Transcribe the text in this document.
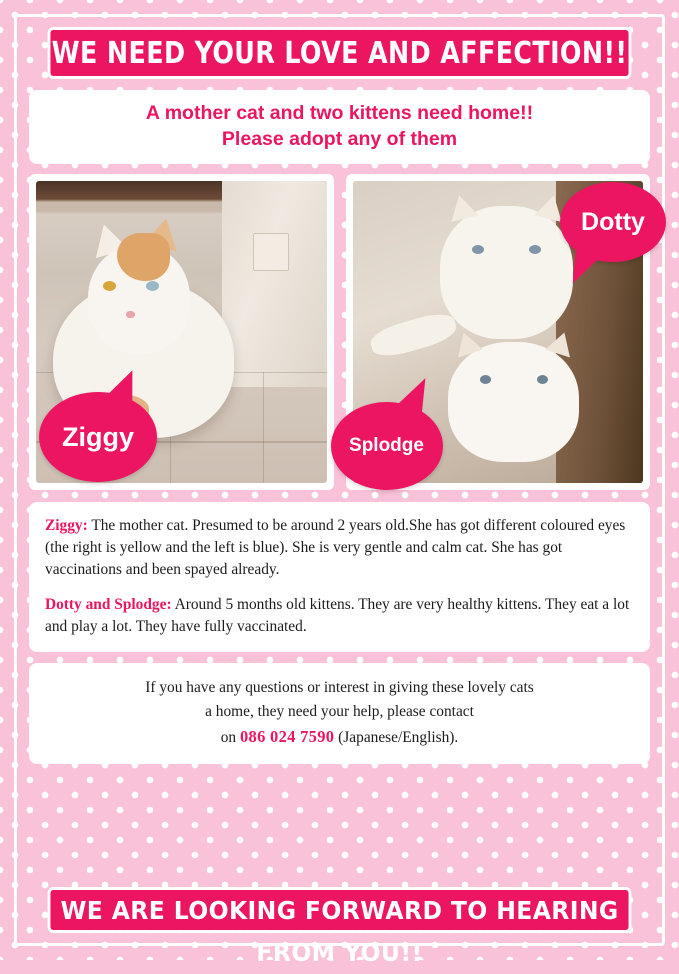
WE NEED YOUR LOVE AND AFFECTION!!
A mother cat and two kittens need home!!
Please adopt any of them
Ziggy
Dotty
Splodge

Ziggy: The mother cat. Presumed to be around 2 years old.She has got different coloured eyes (the right is yellow and the left is blue). She is very gentle and calm cat. She has got vaccinations and been spayed already.

Dotty and Splodge: Around 5 months old kittens. They are very healthy kittens. They eat a lot and play a lot. They have fully vaccinated.

If you have any questions or interest in giving these lovely cats
a home, they need your help, please contact
on 086 024 7590 (Japanese/English).
WE ARE LOOKING FORWARD TO HEARING FROM YOU!!
